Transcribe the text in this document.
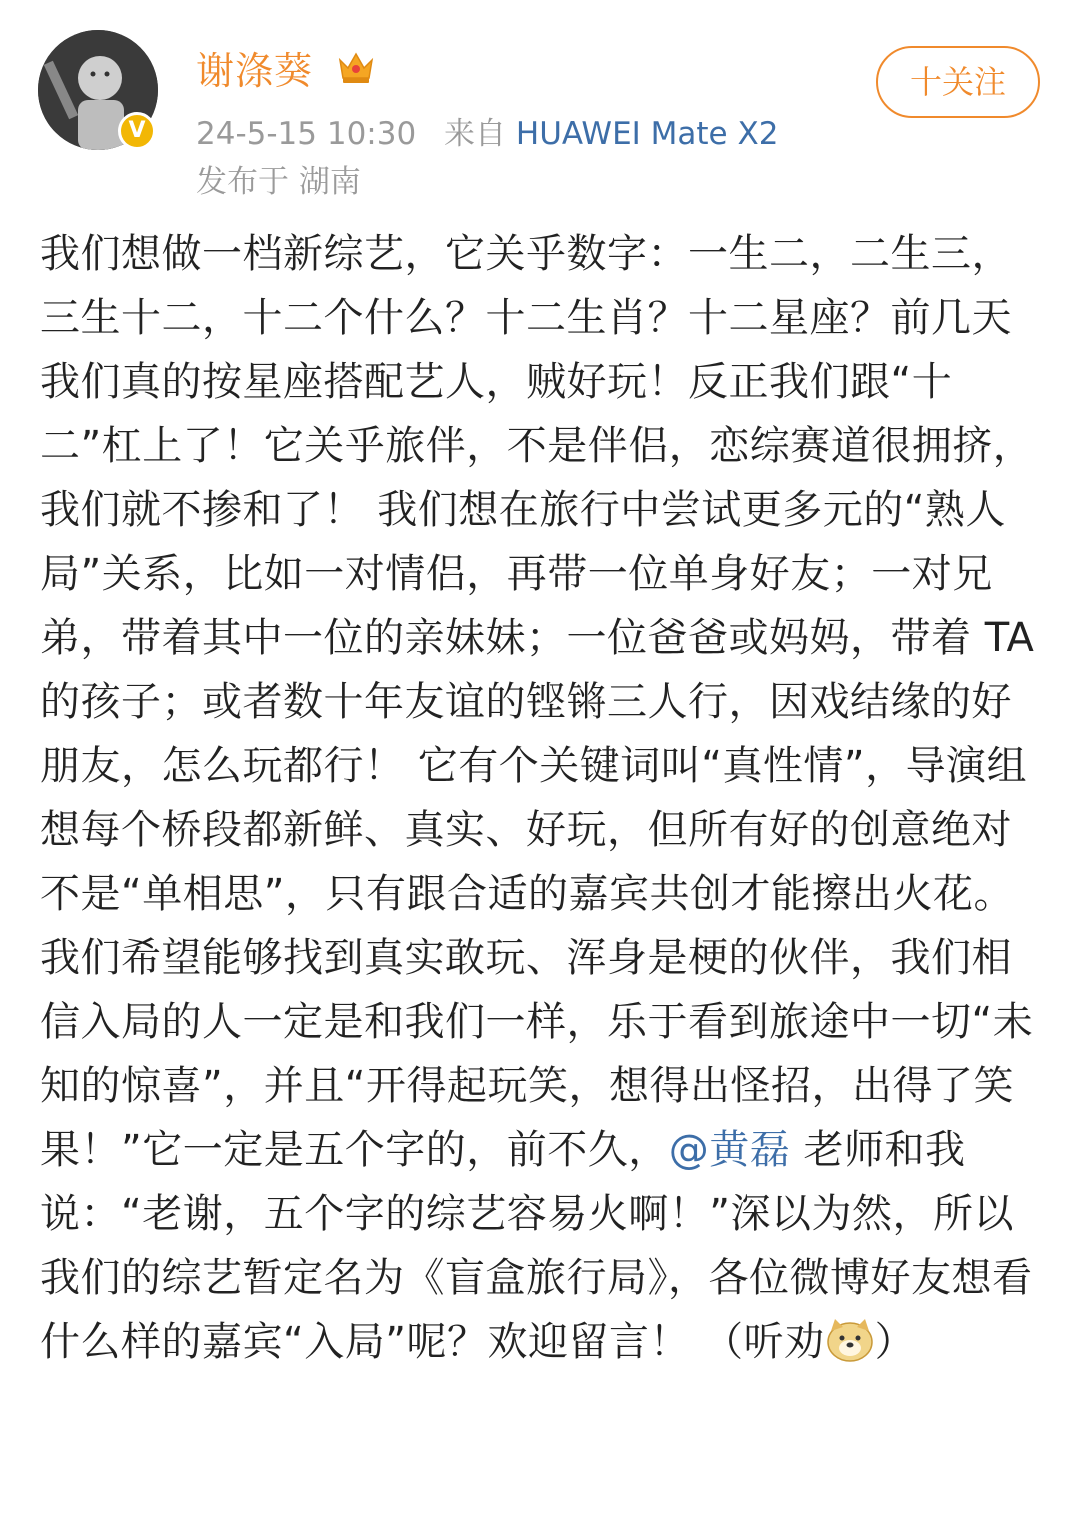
V
谢涤葵	十关注
24-5-15 10:30 来自 HUAWEI Mate X2
发布于 湖南
我们想做一档新综艺，它关乎数字：一生二，二生三，三生十二，十二个什么？十二生肖？十二星座？前几天我们真的按星座搭配艺人，贼好玩！反正我们跟“十二”杠上了！它关乎旅伴，不是伴侣，恋综赛道很拥挤，我们就不掺和了！ 我们想在旅行中尝试更多元的“熟人局”关系，比如一对情侣，再带一位单身好友；一对兄弟，带着其中一位的亲妹妹；一位爸爸或妈妈，带着 TA 的孩子；或者数十年友谊的铿锵三人行，因戏结缘的好朋友，怎么玩都行！ 它有个关键词叫“真性情”，导演组想每个桥段都新鲜、真实、好玩，但所有好的创意绝对不是“单相思”，只有跟合适的嘉宾共创才能擦出火花。我们希望能够找到真实敢玩、浑身是梗的伙伴，我们相信入局的人一定是和我们一样，乐于看到旅途中一切“未知的惊喜”，并且“开得起玩笑，想得出怪招，出得了笑果！”它一定是五个字的，前不久，@黄磊 老师和我说：“老谢，五个字的综艺容易火啊！”深以为然，所以我们的综艺暂定名为《盲盒旅行局》，各位微博好友想看什么样的嘉宾“入局”呢？欢迎留言！ （听劝 ）
